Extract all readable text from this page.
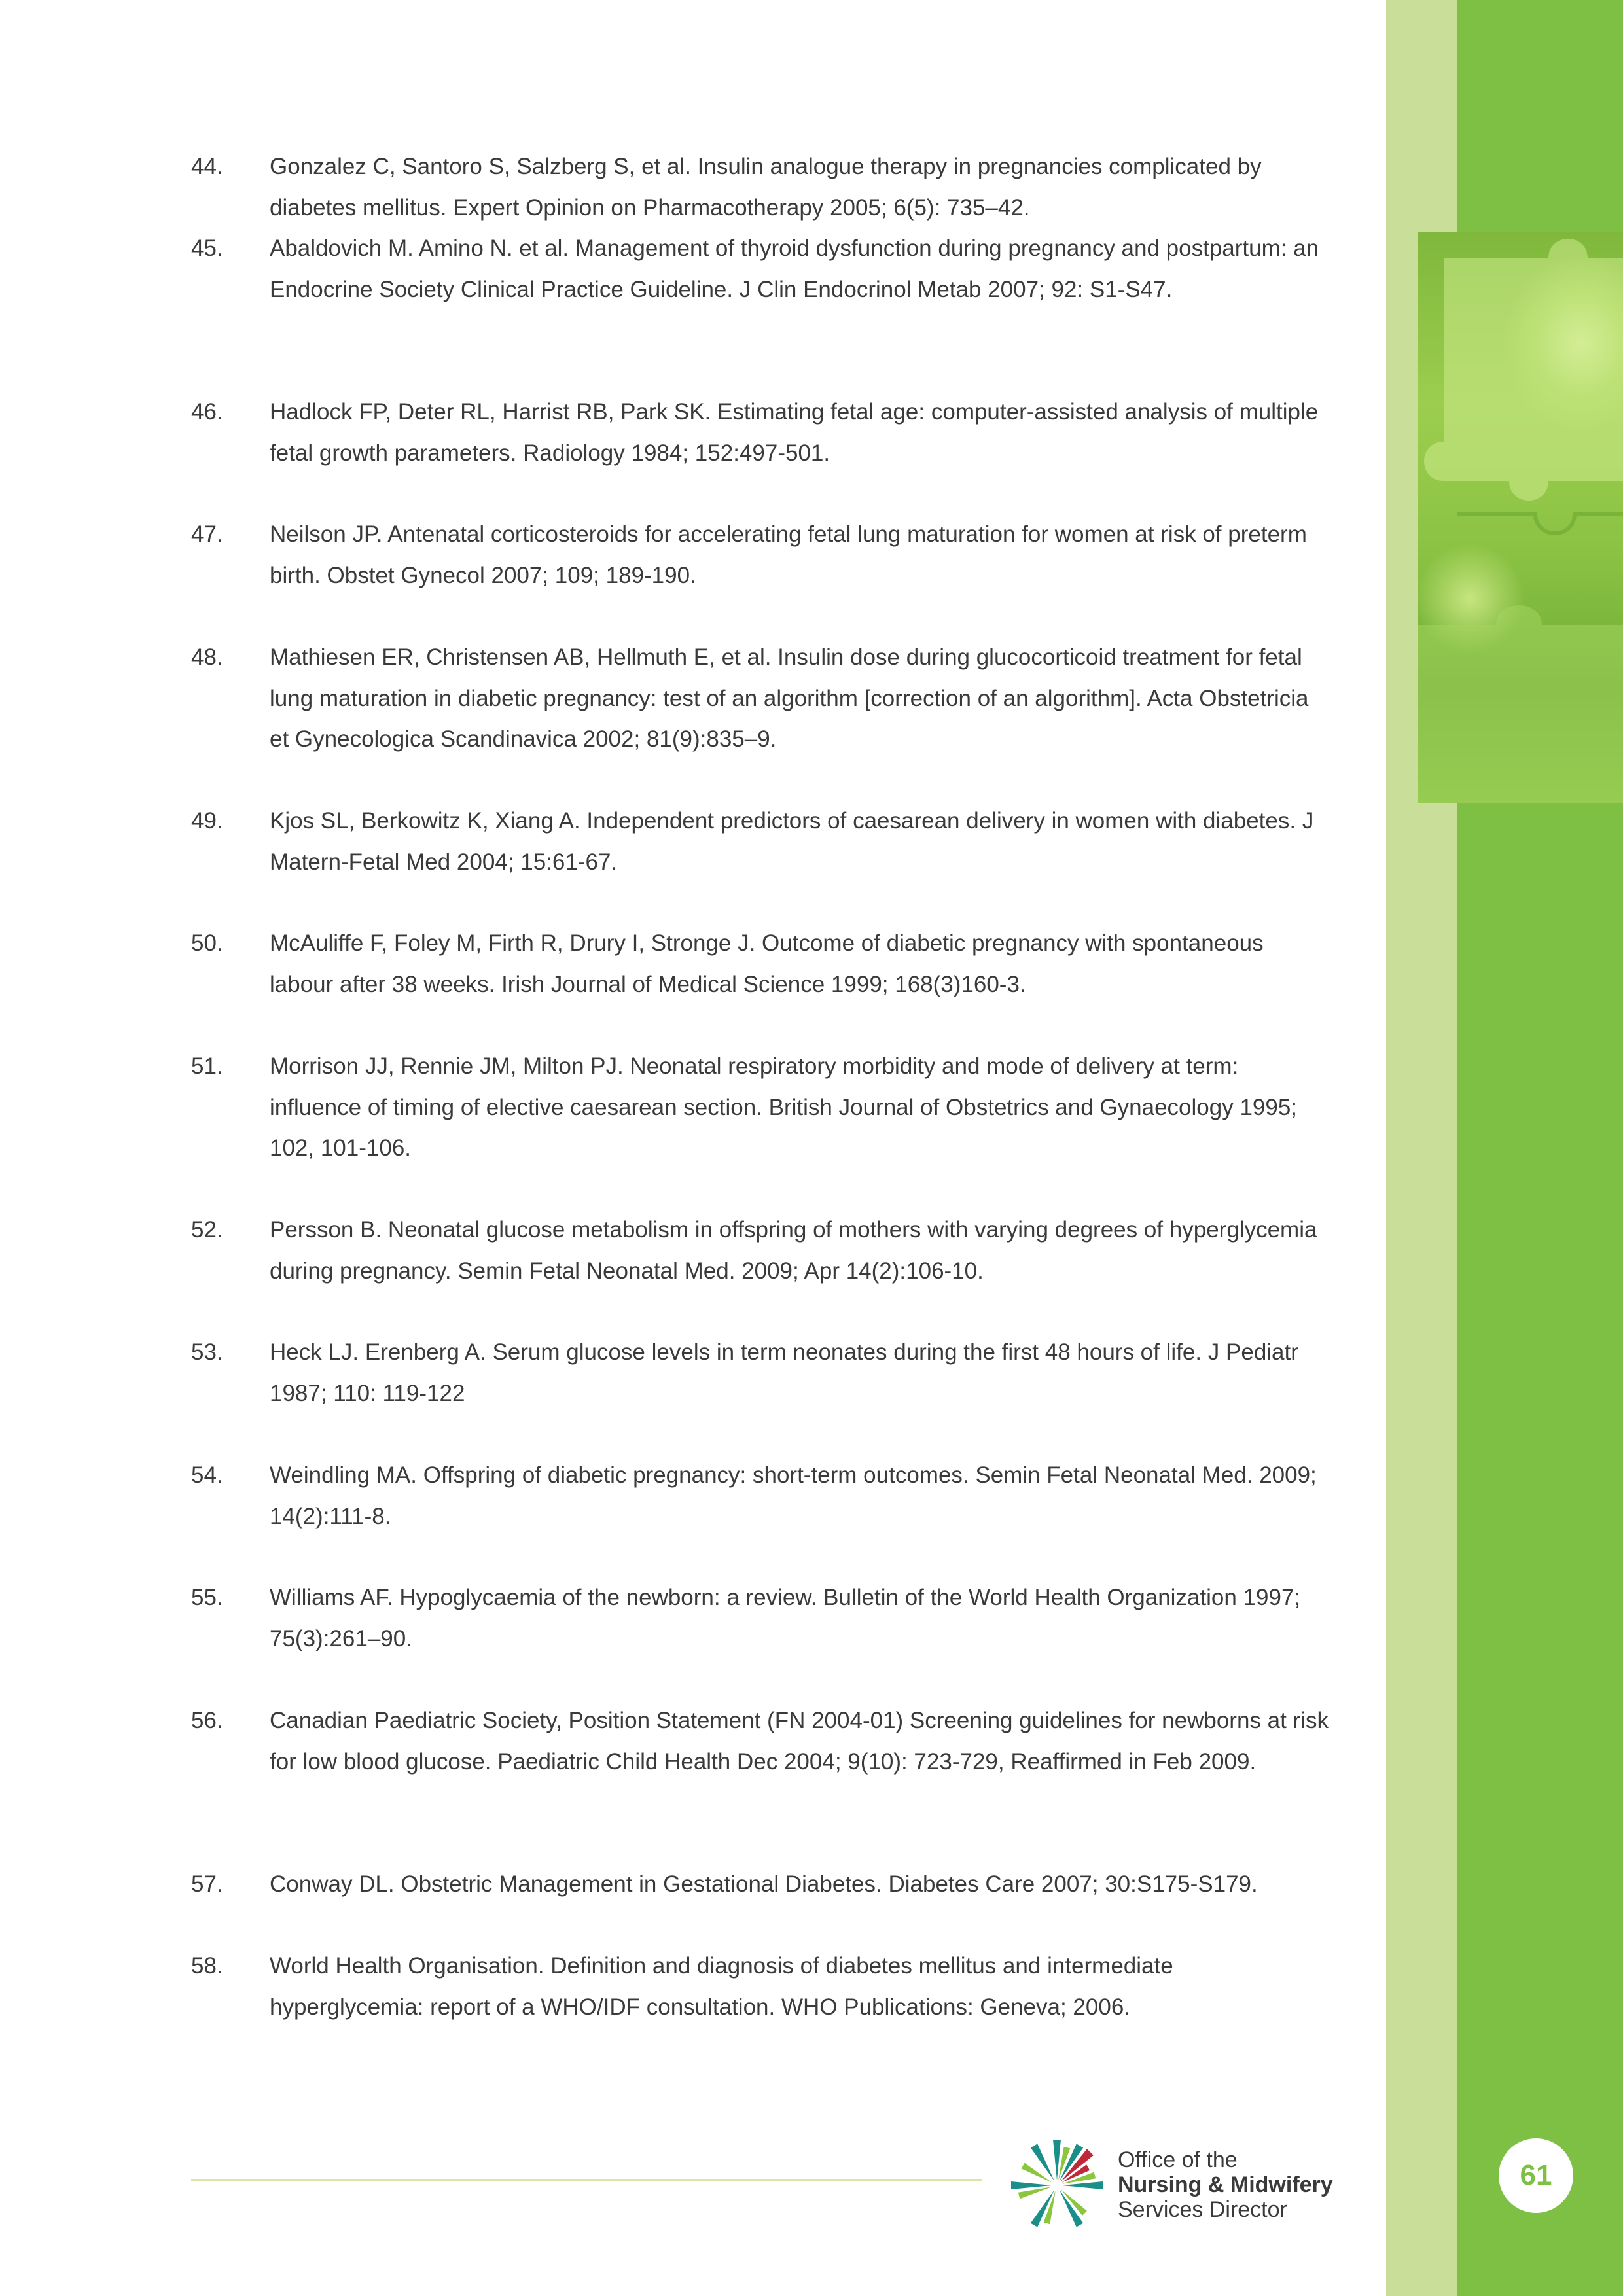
44.	Gonzalez C, Santoro S, Salzberg S, et al. Insulin analogue therapy in pregnancies complicated by diabetes mellitus. Expert Opinion on Pharmacotherapy 2005; 6(5): 735–42.
45.	Abaldovich M. Amino N. et al. Management of thyroid dysfunction during pregnancy and postpartum: an Endocrine Society Clinical Practice Guideline. J Clin Endocrinol Metab 2007; 92: S1-S47.
46.	Hadlock FP, Deter RL, Harrist RB, Park SK. Estimating fetal age: computer-assisted analysis of multiple fetal growth parameters. Radiology 1984; 152:497-501.
47.	Neilson JP. Antenatal corticosteroids for accelerating fetal lung maturation for women at risk of preterm birth. Obstet Gynecol 2007; 109; 189-190.
48.	Mathiesen ER, Christensen AB, Hellmuth E, et al. Insulin dose during glucocorticoid treatment for fetal lung maturation in diabetic pregnancy: test of an algorithm [correction of an algorithm]. Acta Obstetricia et Gynecologica Scandinavica 2002; 81(9):835–9.
49.	Kjos SL, Berkowitz K, Xiang A. Independent predictors of caesarean delivery in women with diabetes. J Matern-Fetal Med 2004; 15:61-67.
50.	McAuliffe F, Foley M, Firth R, Drury I, Stronge J. Outcome of diabetic pregnancy with spontaneous labour after 38 weeks. Irish Journal of Medical Science 1999; 168(3)160-3.
51.	Morrison JJ, Rennie JM, Milton PJ. Neonatal respiratory morbidity and mode of delivery at term: influence of timing of elective caesarean section. British Journal of Obstetrics and Gynaecology 1995; 102, 101-106.
52.	Persson B. Neonatal glucose metabolism in offspring of mothers with varying degrees of hyperglycemia during pregnancy. Semin Fetal Neonatal Med. 2009; Apr 14(2):106-10.
53.	Heck LJ. Erenberg A. Serum glucose levels in term neonates during the first 48 hours of life. J Pediatr 1987; 110: 119-122
54.	Weindling MA. Offspring of diabetic pregnancy: short-term outcomes. Semin Fetal Neonatal Med. 2009; 14(2):111-8.
55.	Williams AF. Hypoglycaemia of the newborn: a review. Bulletin of the World Health Organization 1997; 75(3):261–90.
56.	Canadian Paediatric Society, Position Statement (FN 2004-01) Screening guidelines for newborns at risk for low blood glucose. Paediatric Child Health Dec 2004; 9(10): 723-729, Reaffirmed in Feb 2009.
57.	Conway DL. Obstetric Management in Gestational Diabetes. Diabetes Care 2007; 30:S175-S179.
58.	World Health Organisation. Definition and diagnosis of diabetes mellitus and intermediate hyperglycemia: report of a WHO/IDF consultation. WHO Publications: Geneva; 2006.
Office of the
Nursing & Midwifery
Services Director
61
